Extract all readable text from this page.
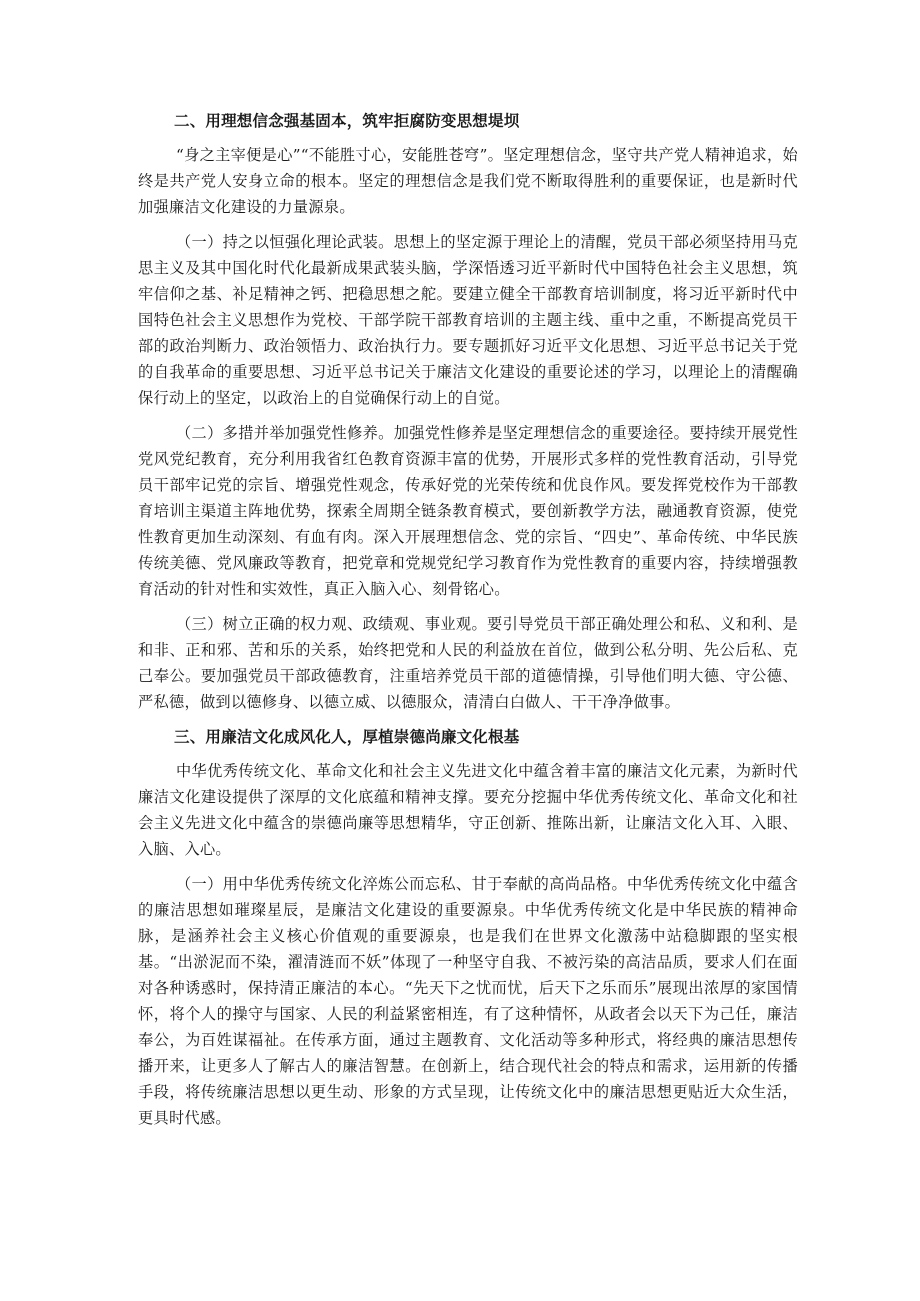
二、用理想信念强基固本，筑牢拒腐防变思想堤坝

“身之主宰便是心”“不能胜寸心，安能胜苍穹”。坚定理想信念，坚守共产党人精神追求，始终是共产党人安身立命的根本。坚定的理想信念是我们党不断取得胜利的重要保证，也是新时代加强廉洁文化建设的力量源泉。

（一）持之以恒强化理论武装。思想上的坚定源于理论上的清醒，党员干部必须坚持用马克思主义及其中国化时代化最新成果武装头脑，学深悟透习近平新时代中国特色社会主义思想，筑牢信仰之基、补足精神之钙、把稳思想之舵。要建立健全干部教育培训制度，将习近平新时代中国特色社会主义思想作为党校、干部学院干部教育培训的主题主线、重中之重，不断提高党员干部的政治判断力、政治领悟力、政治执行力。要专题抓好习近平文化思想、习近平总书记关于党的自我革命的重要思想、习近平总书记关于廉洁文化建设的重要论述的学习，以理论上的清醒确保行动上的坚定，以政治上的自觉确保行动上的自觉。

（二）多措并举加强党性修养。加强党性修养是坚定理想信念的重要途径。要持续开展党性党风党纪教育，充分利用我省红色教育资源丰富的优势，开展形式多样的党性教育活动，引导党员干部牢记党的宗旨、增强党性观念，传承好党的光荣传统和优良作风。要发挥党校作为干部教育培训主渠道主阵地优势，探索全周期全链条教育模式，要创新教学方法，融通教育资源，使党性教育更加生动深刻、有血有肉。深入开展理想信念、党的宗旨、“四史”、革命传统、中华民族传统美德、党风廉政等教育，把党章和党规党纪学习教育作为党性教育的重要内容，持续增强教育活动的针对性和实效性，真正入脑入心、刻骨铭心。

（三）树立正确的权力观、政绩观、事业观。要引导党员干部正确处理公和私、义和利、是和非、正和邪、苦和乐的关系，始终把党和人民的利益放在首位，做到公私分明、先公后私、克己奉公。要加强党员干部政德教育，注重培养党员干部的道德情操，引导他们明大德、守公德、严私德，做到以德修身、以德立威、以德服众，清清白白做人、干干净净做事。

三、用廉洁文化成风化人，厚植崇德尚廉文化根基

中华优秀传统文化、革命文化和社会主义先进文化中蕴含着丰富的廉洁文化元素，为新时代廉洁文化建设提供了深厚的文化底蕴和精神支撑。要充分挖掘中华优秀传统文化、革命文化和社会主义先进文化中蕴含的崇德尚廉等思想精华，守正创新、推陈出新，让廉洁文化入耳、入眼、入脑、入心。

（一）用中华优秀传统文化淬炼公而忘私、甘于奉献的高尚品格。中华优秀传统文化中蕴含的廉洁思想如璀璨星辰，是廉洁文化建设的重要源泉。中华优秀传统文化是中华民族的精神命脉，是涵养社会主义核心价值观的重要源泉，也是我们在世界文化激荡中站稳脚跟的坚实根基。“出淤泥而不染，濯清涟而不妖”体现了一种坚守自我、不被污染的高洁品质，要求人们在面对各种诱惑时，保持清正廉洁的本心。“先天下之忧而忧，后天下之乐而乐”展现出浓厚的家国情怀，将个人的操守与国家、人民的利益紧密相连，有了这种情怀，从政者会以天下为己任，廉洁奉公，为百姓谋福祉。在传承方面，通过主题教育、文化活动等多种形式，将经典的廉洁思想传播开来，让更多人了解古人的廉洁智慧。在创新上，结合现代社会的特点和需求，运用新的传播手段，将传统廉洁思想以更生动、形象的方式呈现，让传统文化中的廉洁思想更贴近大众生活，更具时代感。
